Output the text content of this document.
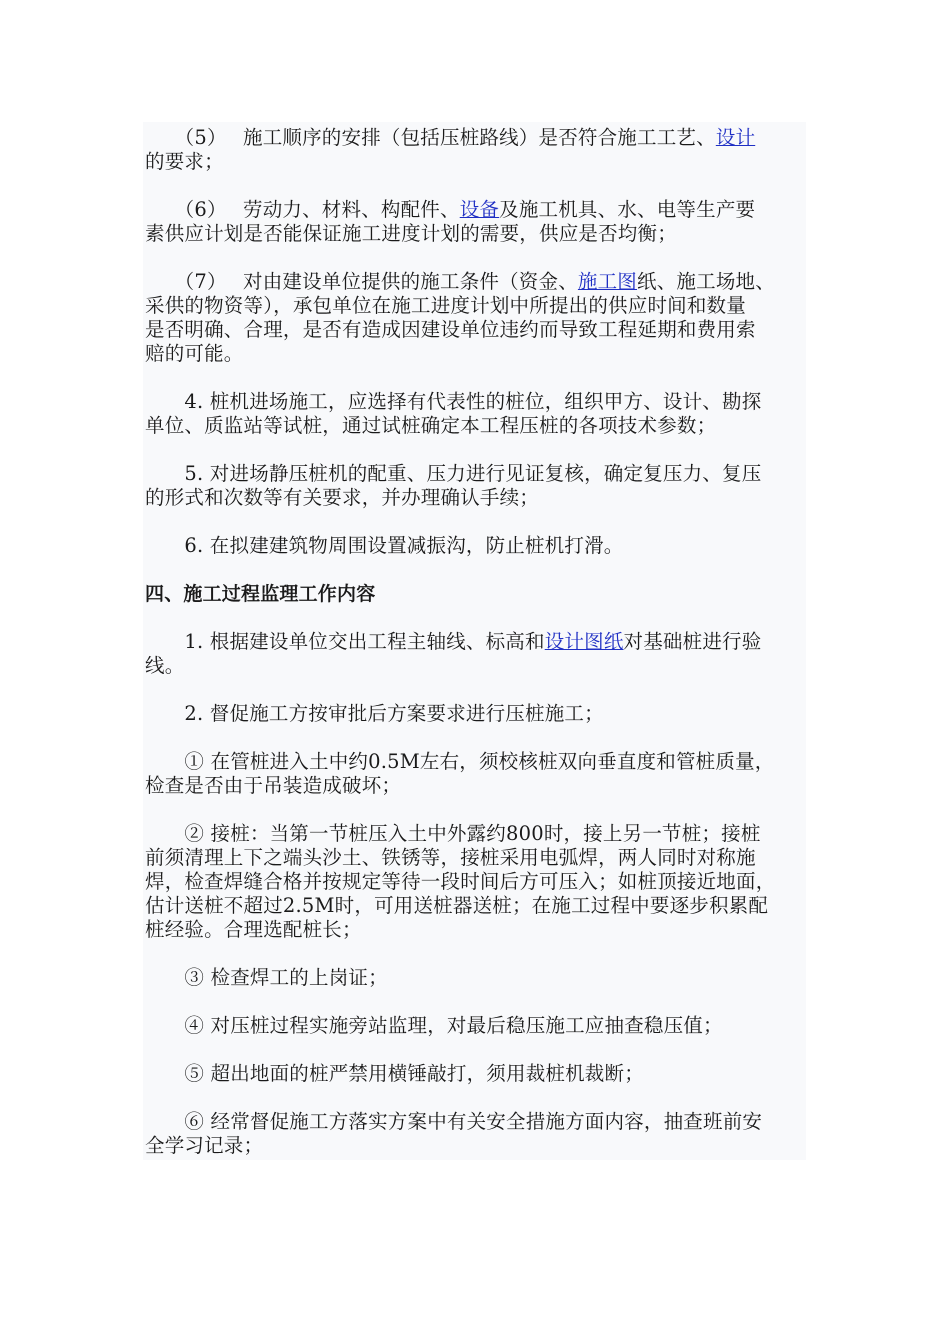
　　（5）　 施工顺序的安排（包括压桩路线）是否符合施工工艺、设计
的要求；
　　（6）　 劳动力、材料、构配件、设备及施工机具、水、电等生产要
素供应计划是否能保证施工进度计划的需要，供应是否均衡；
　　（7）　 对由建设单位提供的施工条件（资金、施工图纸、施工场地、
采供的物资等），承包单位在施工进度计划中所提出的供应时间和数量
是否明确、合理，是否有造成因建设单位违约而导致工程延期和费用索
赔的可能。
　　4. 桩机进场施工，应选择有代表性的桩位，组织甲方、设计、勘探
单位、质监站等试桩，通过试桩确定本工程压桩的各项技术参数；
　　5. 对进场静压桩机的配重、压力进行见证复核，确定复压力、复压
的形式和次数等有关要求，并办理确认手续；
　　6. 在拟建建筑物周围设置减振沟，防止桩机打滑。
四、施工过程监理工作内容
　　1. 根据建设单位交出工程主轴线、标高和设计图纸对基础桩进行验
线。
　　2. 督促施工方按审批后方案要求进行压桩施工；
　　① 在管桩进入土中约0.5M左右，须校核桩双向垂直度和管桩质量，
检查是否由于吊装造成破坏；
　　② 接桩：当第一节桩压入土中外露约800时，接上另一节桩；接桩
前须清理上下之端头沙土、铁锈等，接桩采用电弧焊，两人同时对称施
焊，检查焊缝合格并按规定等待一段时间后方可压入；如桩顶接近地面，
估计送桩不超过2.5M时，可用送桩器送桩；在施工过程中要逐步积累配
桩经验。合理选配桩长；
　　③ 检查焊工的上岗证；
　　④ 对压桩过程实施旁站监理，对最后稳压施工应抽查稳压值；
　　⑤ 超出地面的桩严禁用横锤敲打，须用裁桩机裁断；
　　⑥ 经常督促施工方落实方案中有关安全措施方面内容，抽查班前安
全学习记录；
